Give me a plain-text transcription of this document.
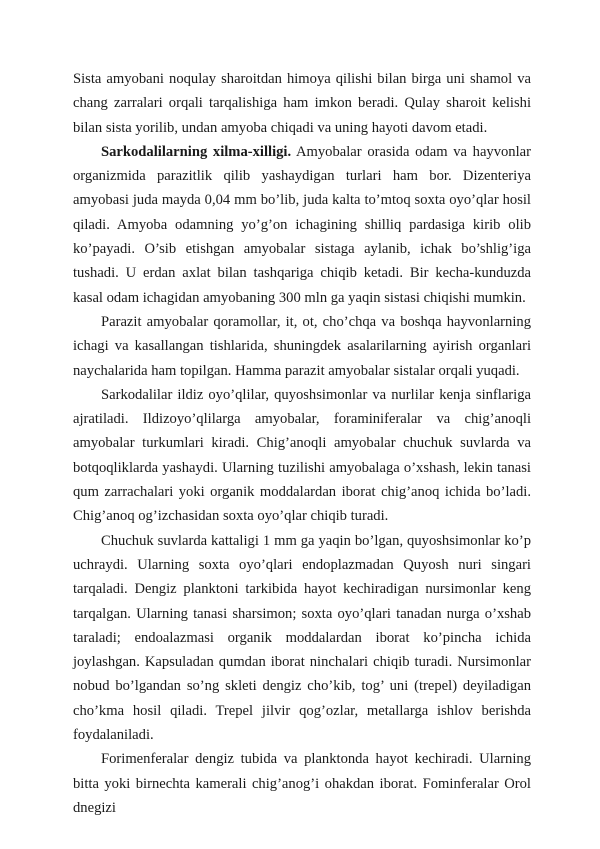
Sista amyobani noqulay sharoitdan himoya qilishi bilan birga uni shamol va chang zarralari orqali tarqalishiga ham imkon beradi. Qulay sharoit kelishi bilan sista yorilib, undan amyoba chiqadi va uning hayoti davom etadi.

Sarkodalilarning xilma-xilligi. Amyobalar orasida odam va hayvonlar organizmida parazitlik qilib yashaydigan turlari ham bor. Dizenteriya amyobasi juda mayda 0,04 mm bo’lib, juda kalta to’mtoq soxta oyo’qlar hosil qiladi. Amyoba odamning yo’g’on ichagining shilliq pardasiga kirib olib ko’payadi. O’sib etishgan amyobalar sistaga aylanib, ichak bo’shlig’iga tushadi. U erdan axlat bilan tashqariga chiqib ketadi. Bir kecha-kunduzda kasal odam ichagidan amyobaning 300 mln ga yaqin sistasi chiqishi mumkin.

Parazit amyobalar qoramollar, it, ot, cho’chqa va boshqa hayvonlarning ichagi va kasallangan tishlarida, shuningdek asalarilarning ayirish organlari naychalarida ham topilgan. Hamma parazit amyobalar sistalar orqali yuqadi.

Sarkodalilar ildiz oyo’qlilar, quyoshsimonlar va nurlilar kenja sinflariga ajratiladi. Ildizoyo’qlilarga amyobalar, foraminiferalar va chig’anoqli amyobalar turkumlari kiradi. Chig’anoqli amyobalar chuchuk suvlarda va botqoqliklarda yashaydi. Ularning tuzilishi amyobalaga o’xshash, lekin tanasi qum zarrachalari yoki organik moddalardan iborat chig’anoq ichida bo’ladi. Chig’anoq og’izchasidan soxta oyo’qlar chiqib turadi.

Chuchuk suvlarda kattaligi 1 mm ga yaqin bo’lgan, quyoshsimonlar ko’p uchraydi. Ularning soxta oyo’qlari endoplazmadan Quyosh nuri singari tarqaladi. Dengiz planktoni tarkibida hayot kechiradigan nursimonlar keng tarqalgan. Ularning tanasi sharsimon; soxta oyo’qlari tanadan nurga o’xshab taraladi; endoalazmasi organik moddalardan iborat ko’pincha ichida joylashgan. Kapsuladan qumdan iborat ninchalari chiqib turadi. Nursimonlar nobud bo’lgandan so’ng skleti dengiz cho’kib, tog’ uni (trepel) deyiladigan cho’kma hosil qiladi. Trepel jilvir qog’ozlar, metallarga ishlov berishda foydalaniladi.

Forimenferalar dengiz tubida va planktonda hayot kechiradi. Ularning bitta yoki birnechta kamerali chig’anog’i ohakdan iborat. Fominferalar Orol dnegizi
